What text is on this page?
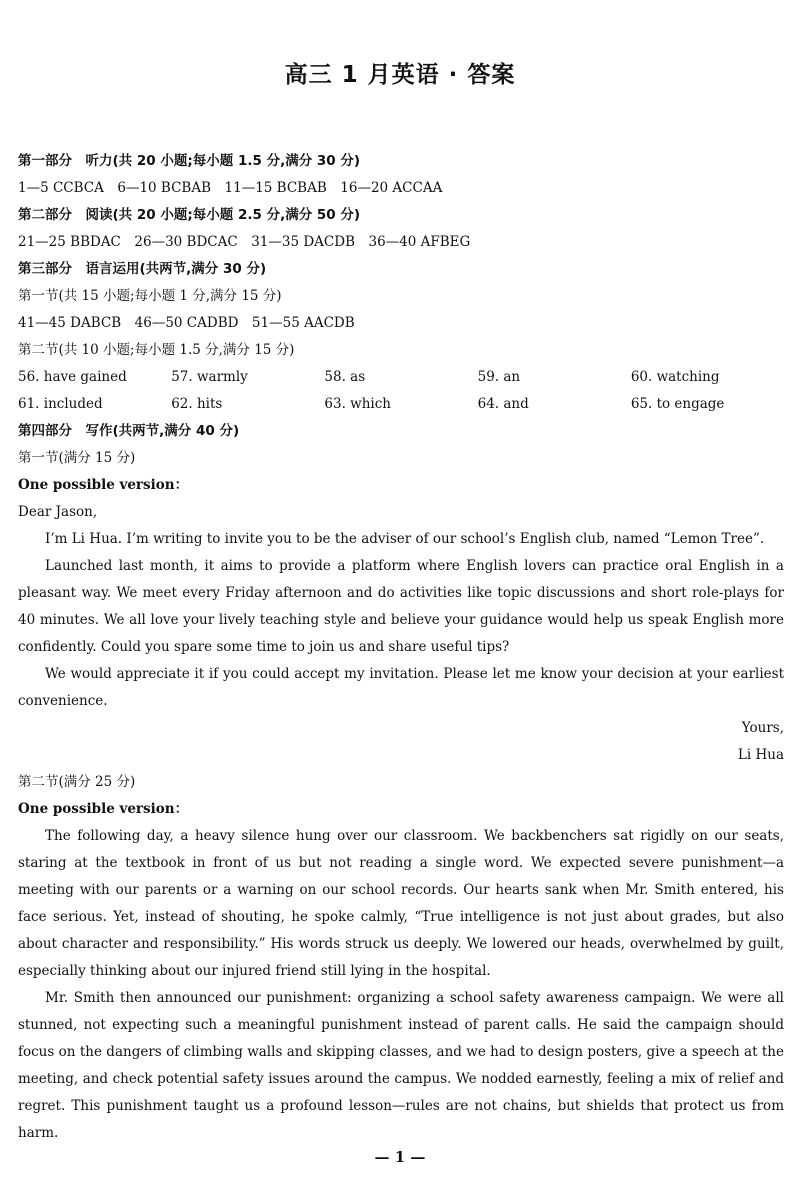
高三 1 月英语 · 答案
第一部分　听力(共 20 小题;每小题 1.5 分,满分 30 分)
1—5 CCBCA　6—10 BCBAB　11—15 BCBAB　16—20 ACCAA
第二部分　阅读(共 20 小题;每小题 2.5 分,满分 50 分)
21—25 BBDAC　26—30 BDCAC　31—35 DACDB　36—40 AFBEG
第三部分　语言运用(共两节,满分 30 分)
第一节(共 15 小题;每小题 1 分,满分 15 分)
41—45 DABCB　46—50 CADBD　51—55 AACDB
第二节(共 10 小题;每小题 1.5 分,满分 15 分)
56. have gained	57. warmly	58. as	59. an	60. watching
61. included	62. hits	63. which	64. and	65. to engage
第四部分　写作(共两节,满分 40 分)
第一节(满分 15 分)
One possible version：
Dear Jason,

I’m Li Hua. I’m writing to invite you to be the adviser of our school’s English club, named “Lemon Tree”.

Launched last month, it aims to provide a platform where English lovers can practice oral English in a pleasant way. We meet every Friday afternoon and do activities like topic discussions and short role-plays for 40 minutes. We all love your lively teaching style and believe your guidance would help us speak English more confidently. Could you spare some time to join us and share useful tips?

We would appreciate it if you could accept my invitation. Please let me know your decision at your earliest convenience.

Yours,
Li Hua
第二节(满分 25 分)
One possible version：

The following day, a heavy silence hung over our classroom. We backbenchers sat rigidly on our seats, staring at the textbook in front of us but not reading a single word. We expected severe punishment—a meeting with our parents or a warning on our school records. Our hearts sank when Mr. Smith entered, his face serious. Yet, instead of shouting, he spoke calmly, “True intelligence is not just about grades, but also about character and responsibility.” His words struck us deeply. We lowered our heads, overwhelmed by guilt, especially thinking about our injured friend still lying in the hospital.

Mr. Smith then announced our punishment: organizing a school safety awareness campaign. We were all stunned, not expecting such a meaningful punishment instead of parent calls. He said the campaign should focus on the dangers of climbing walls and skipping classes, and we had to design posters, give a speech at the meeting, and check potential safety issues around the campus. We nodded earnestly, feeling a mix of relief and regret. This punishment taught us a profound lesson—rules are not chains, but shields that protect us from harm.

— 1 —
